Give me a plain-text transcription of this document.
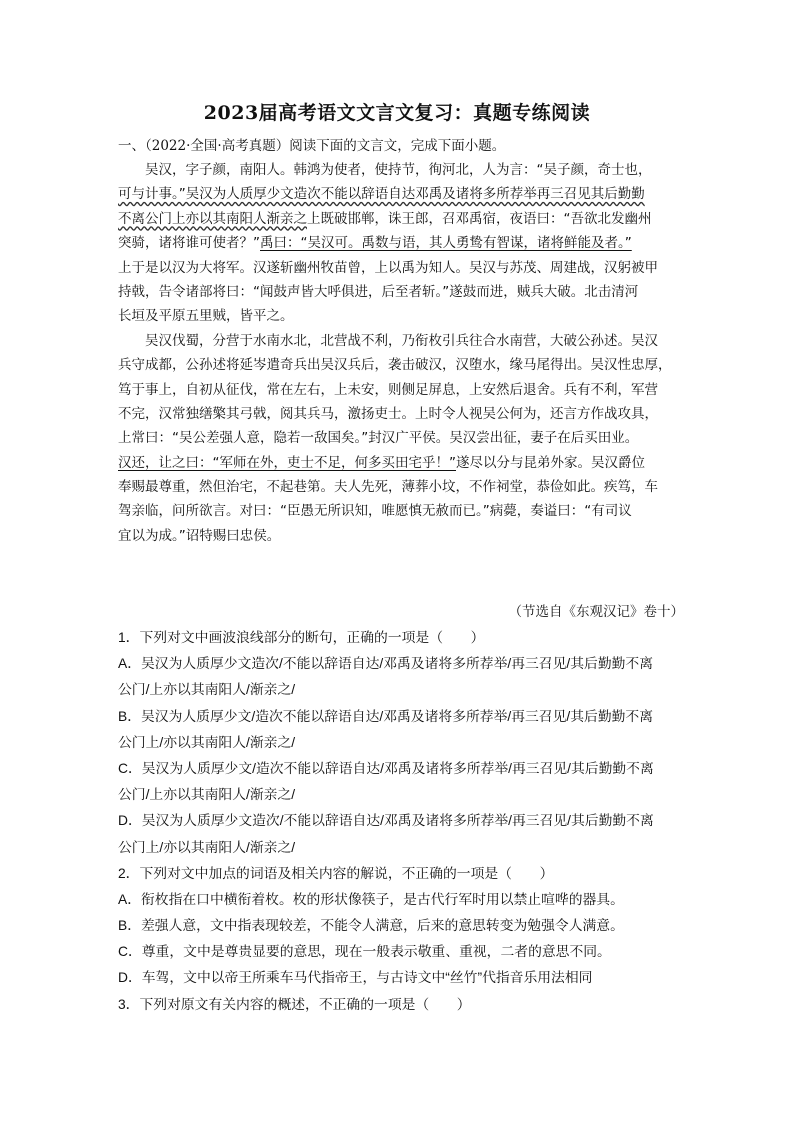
2023届高考语文文言文复习：真题专练阅读
一、（2022·全国·高考真题）阅读下面的文言文，完成下面小题。
　　吴汉，字子颜，南阳人。韩鸿为使者，使持节，徇河北，人为言：“吴子颜，奇士也，
可与计事。”吴汉为人质厚少文造次不能以辞语自达邓禹及诸将多所荐举再三召见其后勤勤
不离公门上亦以其南阳人渐亲之上既破邯郸，诛王郎，召邓禹宿，夜语曰：“吾欲北发幽州
突骑，诸将谁可使者？”禹曰：“吴汉可。禹数与语，其人勇鸷有智谋，诸将鲜能及者。”
上于是以汉为大将军。汉遂斩幽州牧苗曾，上以禹为知人。吴汉与苏茂、周建战，汉躬被甲
持戟，告令诸部将曰：“闻鼓声皆大呼俱进，后至者斩。”遂鼓而进，贼兵大破。北击清河
长垣及平原五里贼，皆平之。
　　吴汉伐蜀，分营于水南水北，北营战不利，乃衔枚引兵往合水南营，大破公孙述。吴汉
兵守成都，公孙述将延岑遣奇兵出吴汉兵后，袭击破汉，汉堕水，缘马尾得出。吴汉性忠厚，
笃于事上，自初从征伐，常在左右，上未安，则侧足屏息，上安然后退舍。兵有不利，军营
不完，汉常独缮檠其弓戟，阅其兵马，激扬吏士。上时令人视吴公何为，还言方作战攻具，
上常曰：“吴公差强人意，隐若一敌国矣。”封汉广平侯。吴汉尝出征，妻子在后买田业。
汉还，让之曰：“军师在外，吏士不足，何多买田宅乎！”遂尽以分与昆弟外家。吴汉爵位
奉赐最尊重，然但治宅，不起巷第。夫人先死，薄葬小坟，不作祠堂，恭俭如此。疾笃，车
驾亲临，问所欲言。对曰：“臣愚无所识知，唯愿慎无赦而已。”病薨，奏谥曰：“有司议
宜以为成。”诏特赐曰忠侯。
（节选自《东观汉记》卷十）
1．下列对文中画波浪线部分的断句，正确的一项是（　　）
A．吴汉为人质厚少文造次/不能以辞语自达/邓禹及诸将多所荐举/再三召见/其后勤勤不离
公门/上亦以其南阳人/渐亲之/
B．吴汉为人质厚少文/造次不能以辞语自达/邓禹及诸将多所荐举/再三召见/其后勤勤不离
公门上/亦以其南阳人/渐亲之/
C．吴汉为人质厚少文/造次不能以辞语自达/邓禹及诸将多所荐举/再三召见/其后勤勤不离
公门/上亦以其南阳人/渐亲之/
D．吴汉为人质厚少文造次/不能以辞语自达/邓禹及诸将多所荐举/再三召见/其后勤勤不离
公门上/亦以其南阳人/渐亲之/
2．下列对文中加点的词语及相关内容的解说，不正确的一项是（　　）
A．衔枚指在口中横衔着枚。枚的形状像筷子，是古代行军时用以禁止喧哗的器具。
B．差强人意，文中指表现较差，不能令人满意，后来的意思转变为勉强令人满意。
C．尊重，文中是尊贵显要的意思，现在一般表示敬重、重视，二者的意思不同。
D．车驾，文中以帝王所乘车马代指帝王，与古诗文中“丝竹”代指音乐用法相同
3．下列对原文有关内容的概述，不正确的一项是（　　）
